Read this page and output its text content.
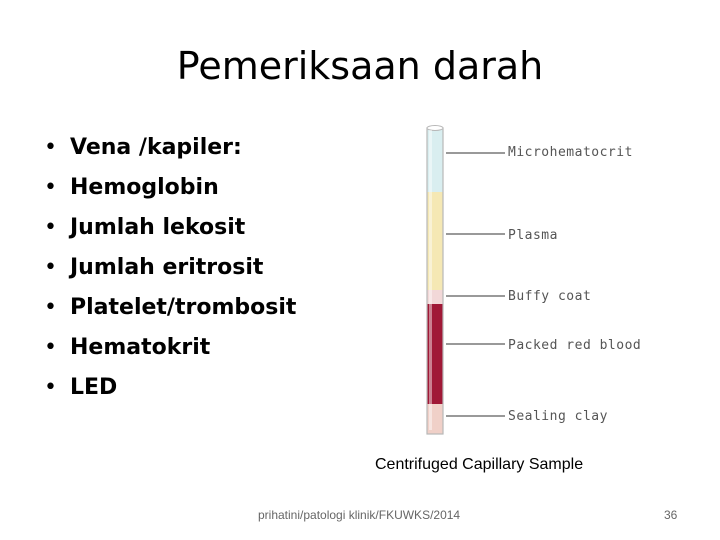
Pemeriksaan darah
• Vena /kapiler:
• Hemoglobin
• Jumlah lekosit
• Jumlah eritrosit
• Platelet/trombosit
• Hematokrit
• LED
Microhematocrit
Plasma
Buffy coat
Packed red blood
Sealing clay
Centrifuged Capillary Sample
prihatini/patologi klinik/FKUWKS/2014	36
